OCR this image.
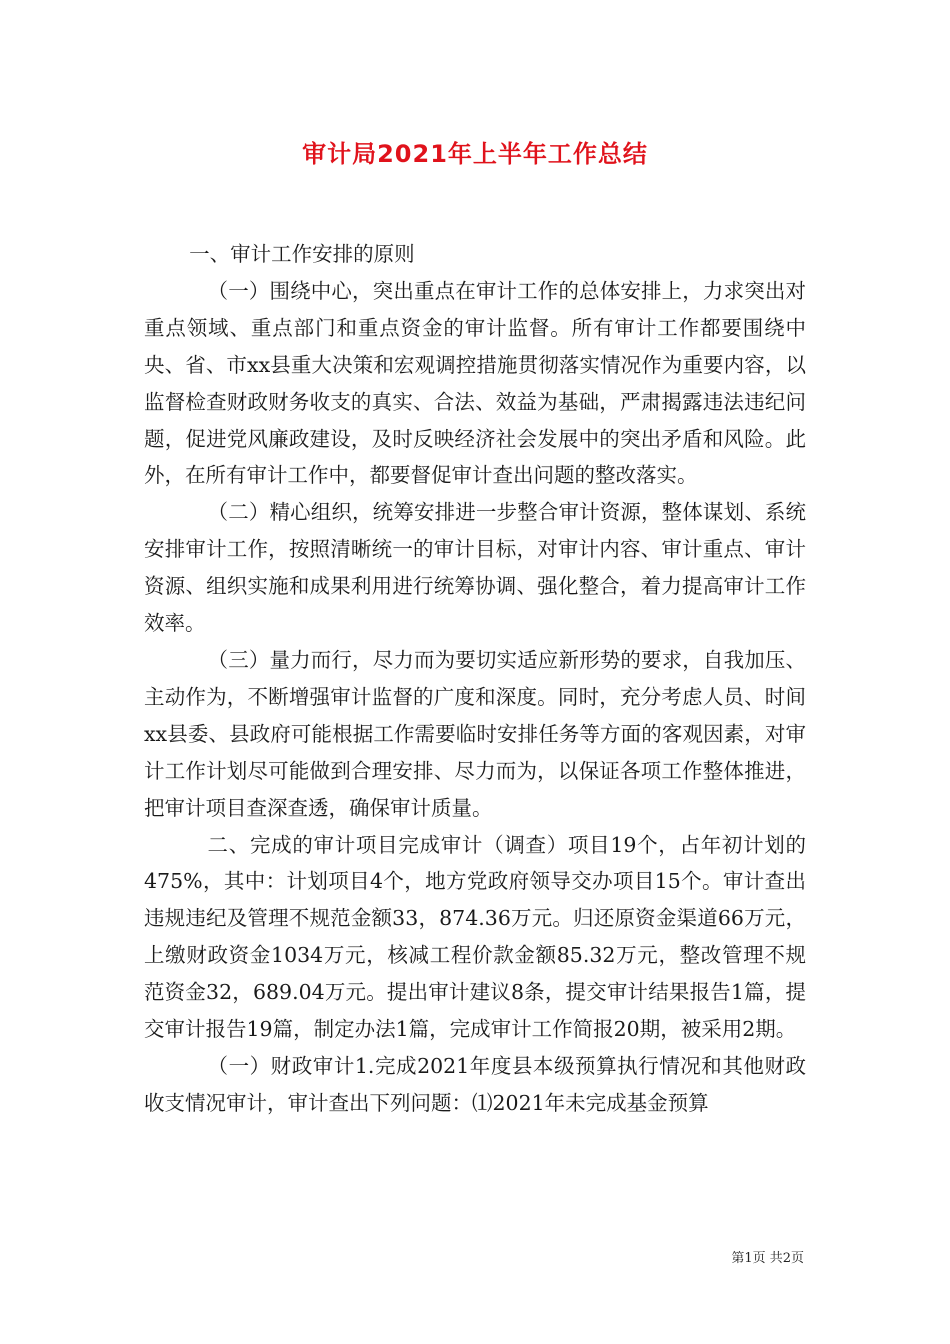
审计局2021年上半年工作总结

一、审计工作安排的原则

（一）围绕中心，突出重点在审计工作的总体安排上，力求突出对重点领域、重点部门和重点资金的审计监督。所有审计工作都要围绕中央、省、市xx县重大决策和宏观调控措施贯彻落实情况作为重要内容，以监督检查财政财务收支的真实、合法、效益为基础，严肃揭露违法违纪问题，促进党风廉政建设，及时反映经济社会发展中的突出矛盾和风险。此外，在所有审计工作中，都要督促审计查出问题的整改落实。

（二）精心组织，统筹安排进一步整合审计资源，整体谋划、系统安排审计工作，按照清晰统一的审计目标，对审计内容、审计重点、审计资源、组织实施和成果利用进行统筹协调、强化整合，着力提高审计工作效率。

（三）量力而行，尽力而为要切实适应新形势的要求，自我加压、主动作为，不断增强审计监督的广度和深度。同时，充分考虑人员、时间xx县委、县政府可能根据工作需要临时安排任务等方面的客观因素，对审计工作计划尽可能做到合理安排、尽力而为，以保证各项工作整体推进，把审计项目查深查透，确保审计质量。

二、完成的审计项目完成审计（调查）项目19个，占年初计划的475%，其中：计划项目4个，地方党政府领导交办项目15个。审计查出违规违纪及管理不规范金额33，874.36万元。归还原资金渠道66万元，上缴财政资金1034万元，核减工程价款金额85.32万元，整改管理不规范资金32，689.04万元。提出审计建议8条，提交审计结果报告1篇，提交审计报告19篇，制定办法1篇，完成审计工作简报20期，被采用2期。

（一）财政审计1.完成2021年度县本级预算执行情况和其他财政收支情况审计，审计查出下列问题：⑴2021年未完成基金预算

第1页 共2页
